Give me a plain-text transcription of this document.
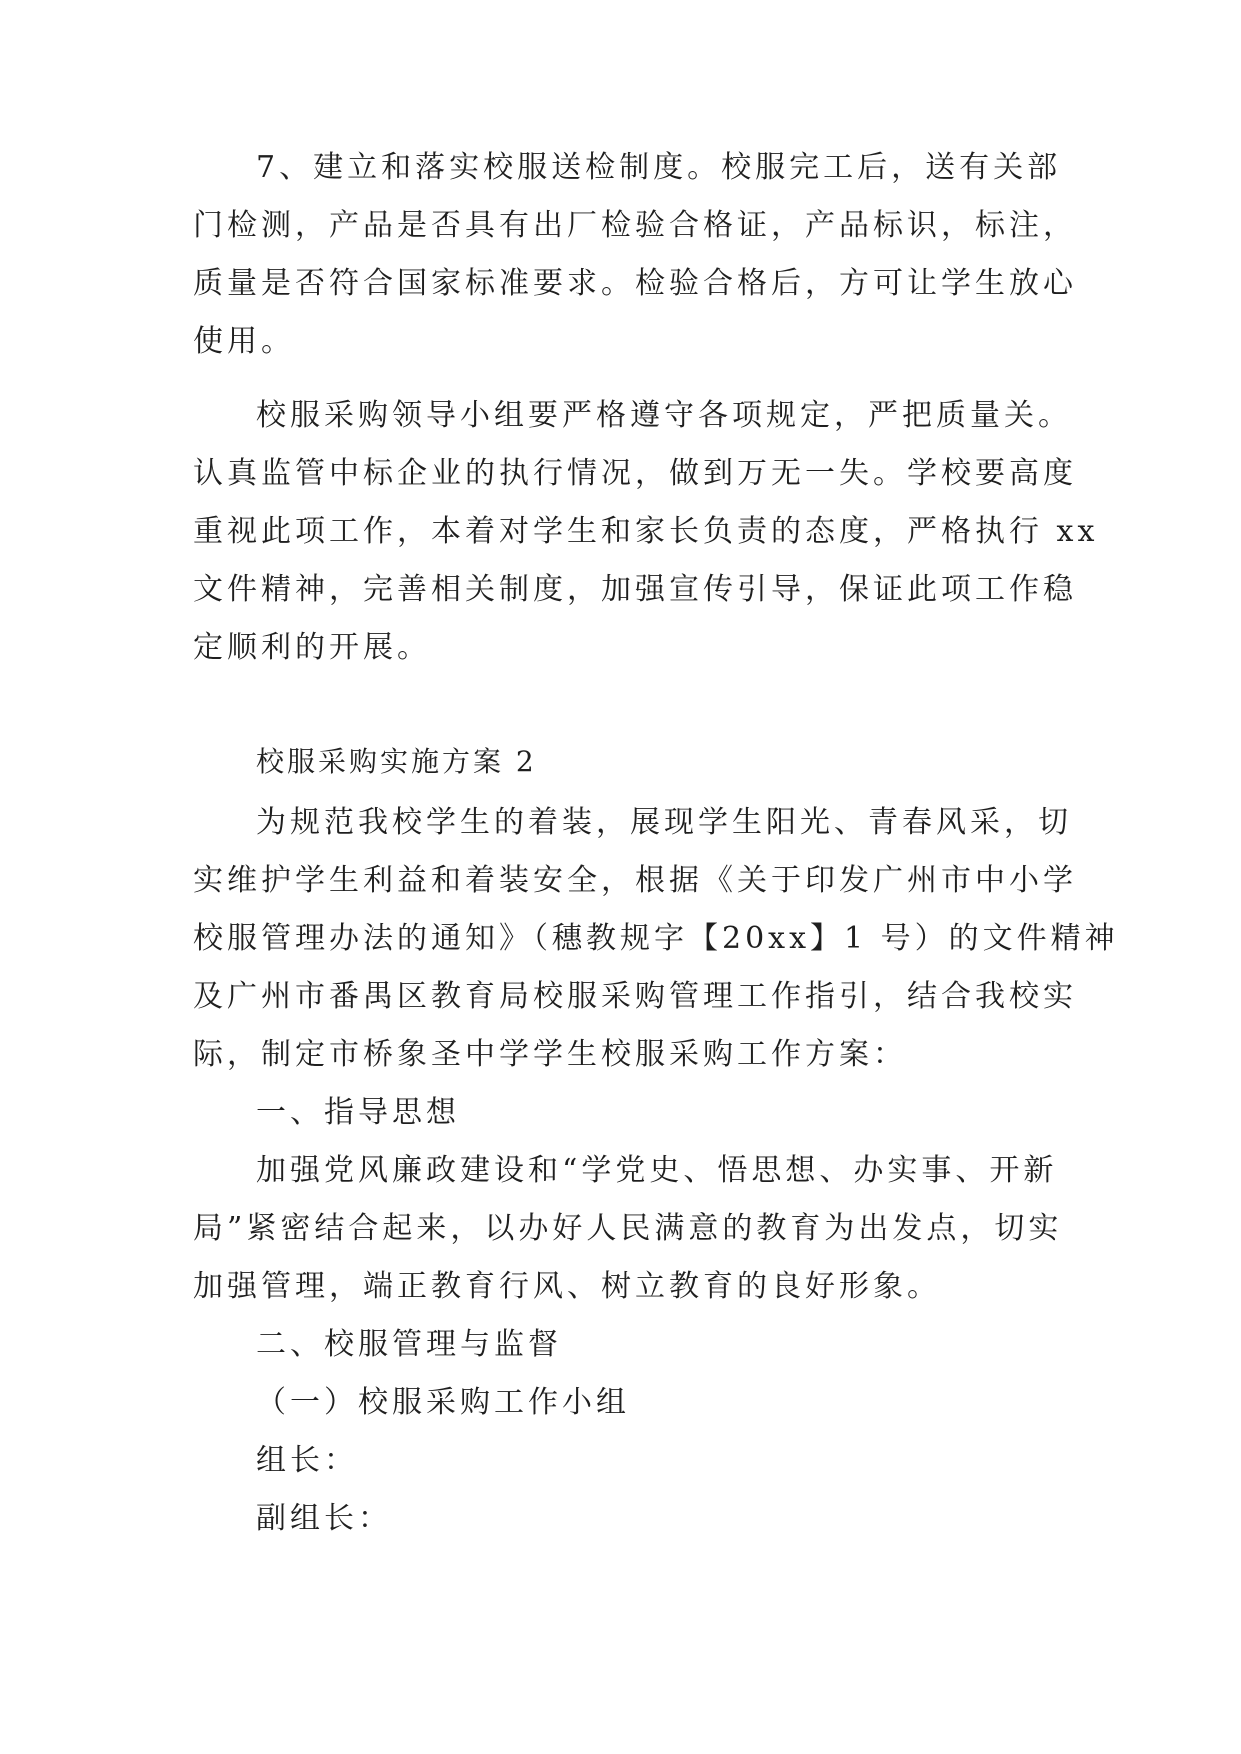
7、建立和落实校服送检制度。校服完工后，送有关部

门检测，产品是否具有出厂检验合格证，产品标识，标注，

质量是否符合国家标准要求。检验合格后，方可让学生放心

使用。

校服采购领导小组要严格遵守各项规定，严把质量关。

认真监管中标企业的执行情况，做到万无一失。学校要高度

重视此项工作，本着对学生和家长负责的态度，严格执行 xx

文件精神，完善相关制度，加强宣传引导，保证此项工作稳

定顺利的开展。

校服采购实施方案 2

为规范我校学生的着装，展现学生阳光、青春风采，切

实维护学生利益和着装安全，根据《关于印发广州市中小学

校服管理办法的通知》（穗教规字【20xx】1 号）的文件精神

及广州市番禺区教育局校服采购管理工作指引，结合我校实

际，制定市桥象圣中学学生校服采购工作方案：

一、指导思想

加强党风廉政建设和“学党史、悟思想、办实事、开新

局”紧密结合起来，以办好人民满意的教育为出发点，切实

加强管理，端正教育行风、树立教育的良好形象。

二、校服管理与监督

（一）校服采购工作小组

组长：

副组长：
